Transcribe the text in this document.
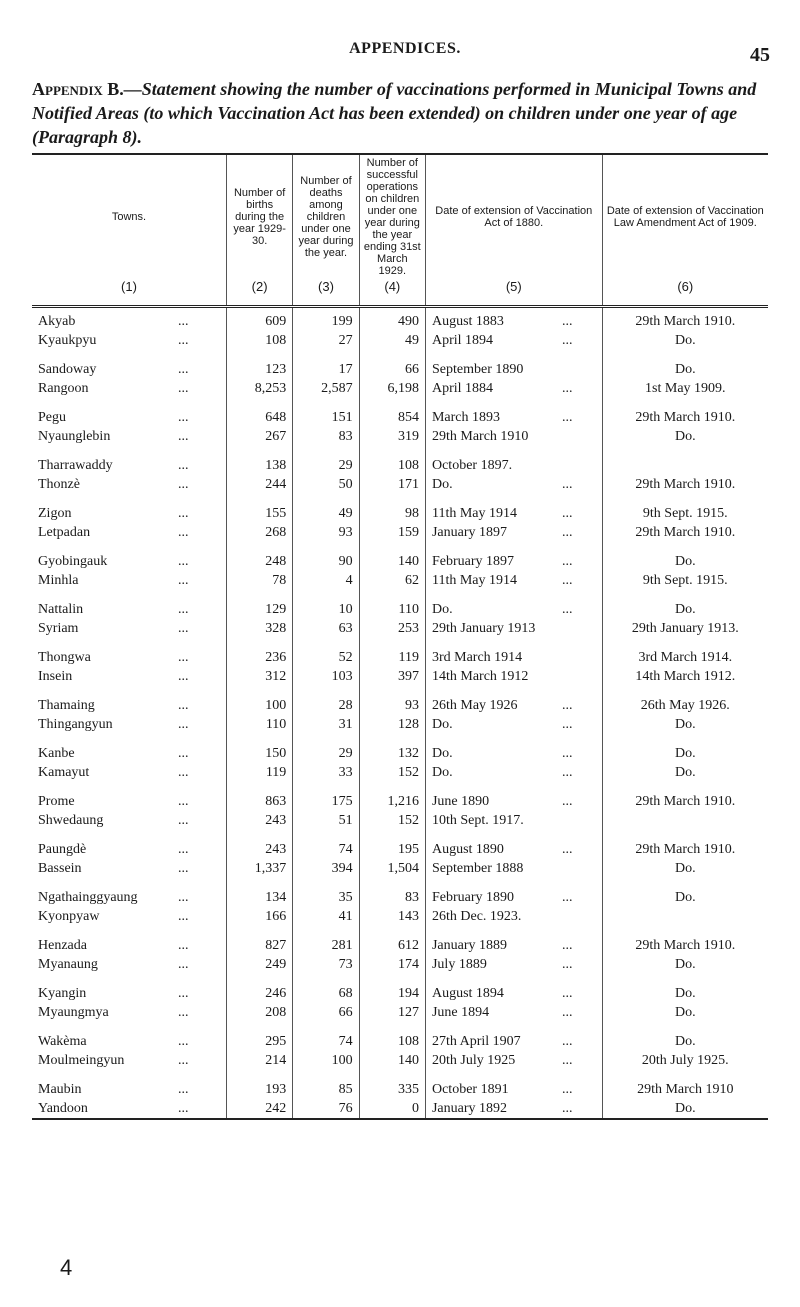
APPENDICES.	45
Appendix B.—Statement showing the number of vaccinations performed in Municipal Towns and Notified Areas (to which Vaccination Act has been extended) on children under one year of age (Paragraph 8).
Towns.	Number of births during the year 1929-30.	Number of deaths among children under one year during the year.	Number of successful operations on children under one year during the year ending 31st March 1929.	Date of extension of Vaccination Act of 1880.	Date of extension of Vaccination Law Amendment Act of 1909.
(1)	(2)	(3)	(4)	(5)	(6)
Akyab ...	609	199	490	August 1883 ...	29th March 1910.
Kyaukpyu ...	108	27	49	April 1894 ...	Do.

Sandoway ...	123	17	66	September 1890	Do.
Rangoon ...	8,253	2,587	6,198	April 1884 ...	1st May 1909.

Pegu ...	648	151	854	March 1893 ...	29th March 1910.
Nyaunglebin ...	267	83	319	29th March 1910	Do.

Tharrawaddy ...	138	29	108	October 1897.	
Thonzè ...	244	50	171	Do. ...	29th March 1910.

Zigon ...	155	49	98	11th May 1914 ...	9th Sept. 1915.
Letpadan ...	268	93	159	January 1897 ...	29th March 1910.

Gyobingauk ...	248	90	140	February 1897 ...	Do.
Minhla ...	78	4	62	11th May 1914 ...	9th Sept. 1915.

Nattalin ...	129	10	110	Do. ...	Do.
Syriam ...	328	63	253	29th January 1913	29th January 1913.

Thongwa ...	236	52	119	3rd March 1914	3rd March 1914.
Insein ...	312	103	397	14th March 1912	14th March 1912.

Thamaing ...	100	28	93	26th May 1926 ...	26th May 1926.
Thingangyun ...	110	31	128	Do. ...	Do.

Kanbe ...	150	29	132	Do. ...	Do.
Kamayut ...	119	33	152	Do. ...	Do.

Prome ...	863	175	1,216	June 1890 ...	29th March 1910.
Shwedaung ...	243	51	152	10th Sept. 1917.	

Paungdè ...	243	74	195	August 1890 ...	29th March 1910.
Bassein ...	1,337	394	1,504	September 1888	Do.

Ngathainggyaung ...	134	35	83	February 1890 ...	Do.
Kyonpyaw ...	166	41	143	26th Dec. 1923.	

Henzada ...	827	281	612	January 1889 ...	29th March 1910.
Myanaung ...	249	73	174	July 1889 ...	Do.

Kyangin ...	246	68	194	August 1894 ...	Do.
Myaungmya ...	208	66	127	June 1894 ...	Do.

Wakèma ...	295	74	108	27th April 1907 ...	Do.
Moulmeingyun ...	214	100	140	20th July 1925 ...	20th July 1925.

Maubin ...	193	85	335	October 1891 ...	29th March 1910
Yandoon ...	242	76	0	January 1892 ...	Do.
4
